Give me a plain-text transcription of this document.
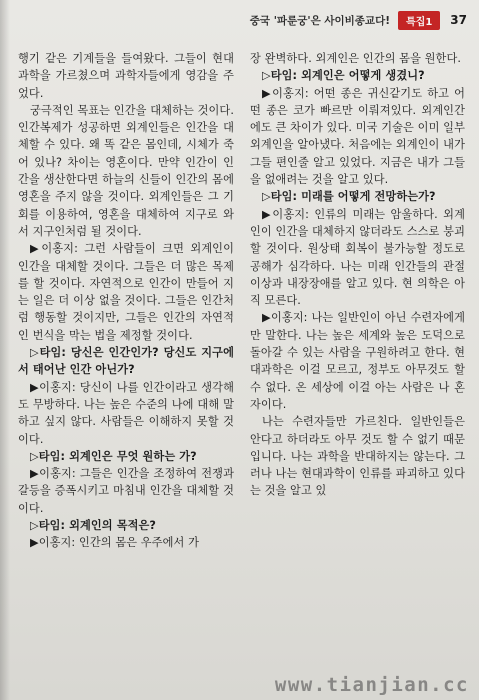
중국 '파룬궁'은 사이비종교다!	특집1	37

행기 같은 기계들을 들여왔다. 그들이 현대 과학을 가르쳤으며 과학자들에게 영감을 주었다.

궁극적인 목표는 인간을 대체하는 것이다. 인간복제가 성공하면 외계인들은 인간을 대체할 수 있다. 왜 똑 같은 몸인데, 시체가 죽어 있나? 차이는 영혼이다. 만약 인간이 인간을 생산한다면 하늘의 신들이 인간의 몸에 영혼을 주지 않을 것이다. 외계인들은 그 기회를 이용하여, 영혼을 대체하여 지구로 와서 지구인처럼 될 것이다.

▶이홍지: 그런 사람들이 크면 외계인이 인간을 대체할 것이다. 그들은 더 많은 목제를 할 것이다. 자연적으로 인간이 만들어 지는 일은 더 이상 없을 것이다. 그들은 인간처럼 행동할 것이지만, 그들은 인간의 자연적인 번식을 막는 법을 제정할 것이다.

▷타임: 당신은 인간인가? 당신도 지구에서 태어난 인간 아닌가?

▶이홍지: 당신이 나를 인간이라고 생각해도 무방하다. 나는 높은 수준의 나에 대해 말하고 싶지 않다. 사람들은 이해하지 못할 것이다.

▷타임: 외계인은 무엇 원하는 가?

▶이홍지: 그들은 인간을 조정하여 전쟁과 갈등을 증폭시키고 마침내 인간을 대체할 것이다.

▷타임: 외계인의 목적은?

▶이홍지: 인간의 몸은 우주에서 가

장 완벽하다. 외계인은 인간의 몸을 원한다.

▷타임: 외계인은 어떻게 생겼니?

▶이홍지: 어떤 종은 귀신같기도 하고 어떤 종은 코가 빠르만 이뤄져있다. 외계인간에도 큰 차이가 있다. 미국 기술은 이미 일부 외계인을 알아냈다. 처음에는 외계인이 내가 그들 편인줄 알고 있었다. 지금은 내가 그들을 없애려는 것을 알고 있다.

▷타임: 미래를 어떻게 전망하는가?

▶이홍지: 인류의 미래는 암울하다. 외계인이 인간을 대체하지 않더라도 스스로 붕괴할 것이다. 원상태 회복이 불가능할 정도로 공해가 심각하다. 나는 미래 인간들의 관절이상과 내장장애를 알고 있다. 현 의학은 아직 모른다.

▶이홍지: 나는 일반인이 아닌 수련자에게만 말한다. 나는 높은 세계와 높은 도덕으로 돌아갈 수 있는 사람을 구원하려고 한다. 현대과학은 이걸 모르고, 정부도 아무것도 할 수 없다. 온 세상에 이걸 아는 사람은 나 혼자이다.

나는 수련자들만 가르친다. 일반인들은 안다고 하더라도 아무 것도 할 수 없기 때문입니다. 나는 과학을 반대하지는 않는다. 그러나 나는 현대과학이 인류를 파괴하고 있다는 것을 알고 있

www.tianjian.cc
